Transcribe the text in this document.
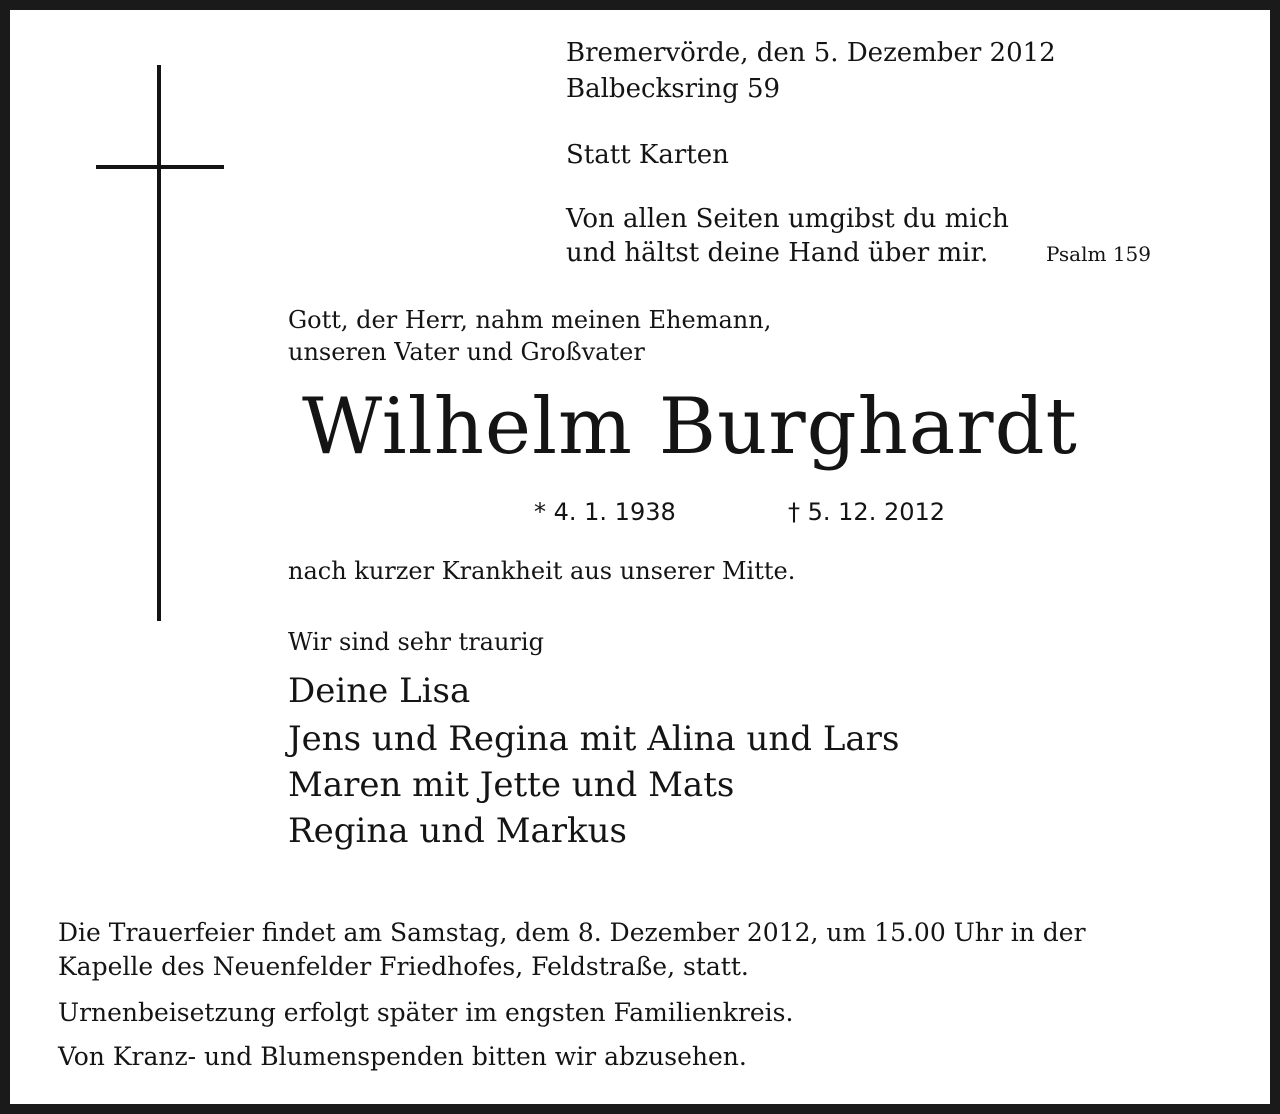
Bremervörde, den 5. Dezember 2012
Balbecksring 59
Statt Karten
Von allen Seiten umgibst du mich
und hältst deine Hand über mir.	Psalm 159
Gott, der Herr, nahm meinen Ehemann,
unseren Vater und Großvater
Wilhelm Burghardt
* 4. 1. 1938	† 5. 12. 2012
nach kurzer Krankheit aus unserer Mitte.
Wir sind sehr traurig
Deine Lisa
Jens und Regina mit Alina und Lars
Maren mit Jette und Mats
Regina und Markus
Die Trauerfeier findet am Samstag, dem 8. Dezember 2012, um 15.00 Uhr in der
Kapelle des Neuenfelder Friedhofes, Feldstraße, statt.
Urnenbeisetzung erfolgt später im engsten Familienkreis.
Von Kranz- und Blumenspenden bitten wir abzusehen.
